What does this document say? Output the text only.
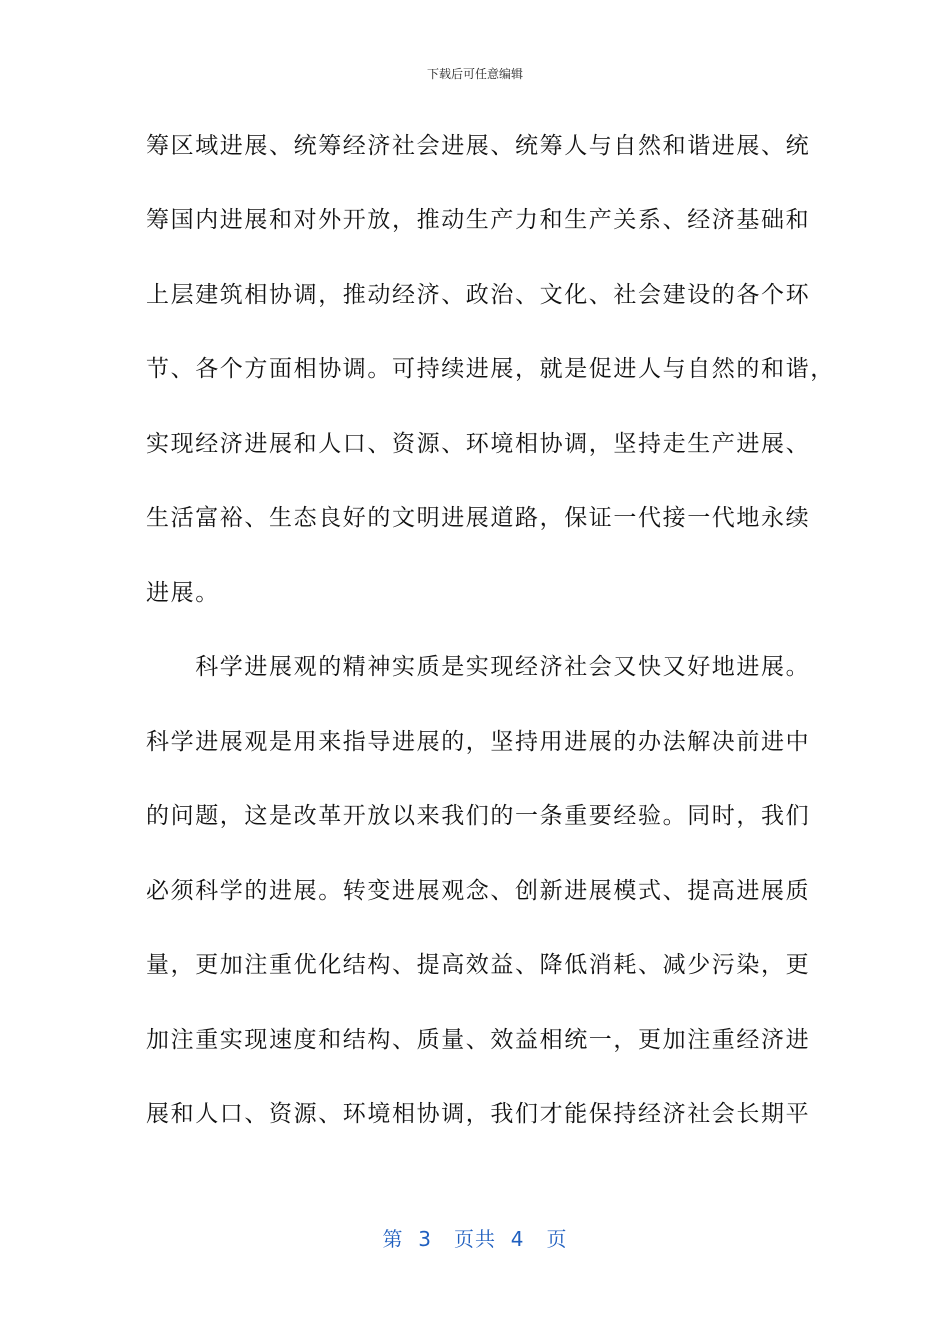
下载后可任意编辑
筹区域进展、统筹经济社会进展、统筹人与自然和谐进展、统
筹国内进展和对外开放，推动生产力和生产关系、经济基础和
上层建筑相协调，推动经济、政治、文化、社会建设的各个环
节、各个方面相协调。可持续进展，就是促进人与自然的和谐，
实现经济进展和人口、资源、环境相协调，坚持走生产进展、
生活富裕、生态良好的文明进展道路，保证一代接一代地永续
进展。
　　科学进展观的精神实质是实现经济社会又快又好地进展。
科学进展观是用来指导进展的，坚持用进展的办法解决前进中
的问题，这是改革开放以来我们的一条重要经验。同时，我们
必须科学的进展。转变进展观念、创新进展模式、提高进展质
量，更加注重优化结构、提高效益、降低消耗、减少污染，更
加注重实现速度和结构、质量、效益相统一，更加注重经济进
展和人口、资源、环境相协调，我们才能保持经济社会长期平
第 3 页共 4 页
